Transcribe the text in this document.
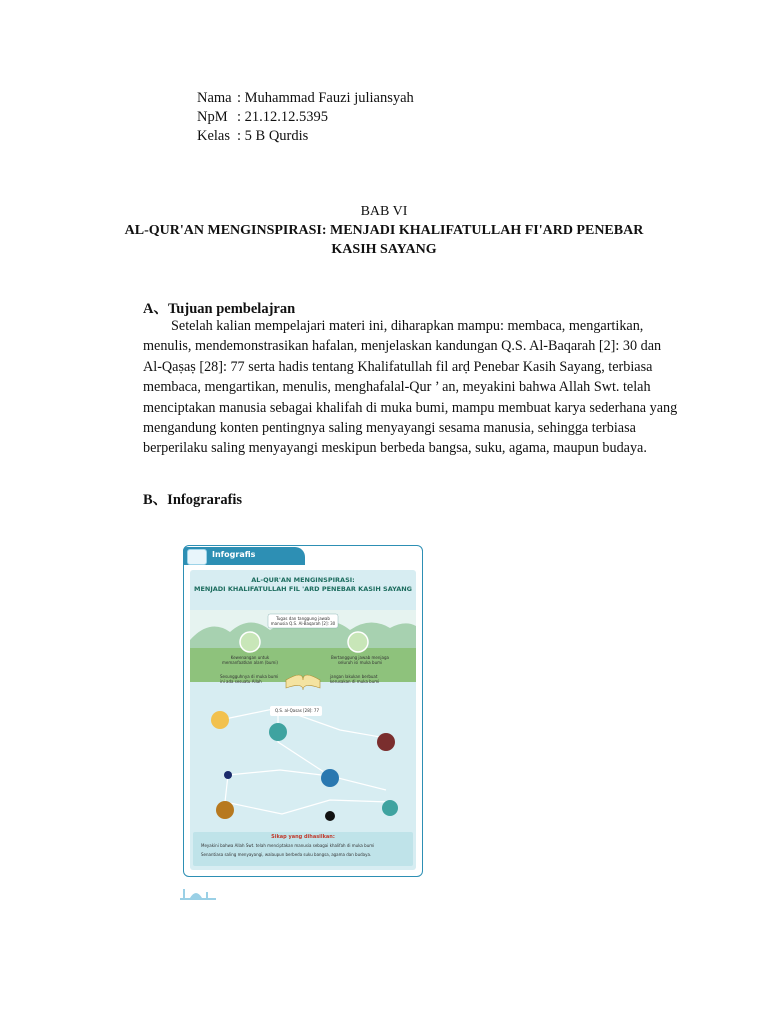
Nama : Muhammad Fauzi juliansyah
NpM : 21.12.12.5395
Kelas : 5 B Qurdis
BAB VI
AL-QUR'AN MENGINSPIRASI: MENJADI KHALIFATULLAH FI'ARD PENEBAR
KASIH SAYANG
A、Tujuan pembelajran
Setelah kalian mempelajari materi ini, diharapkan mampu: membaca, mengartikan,
menulis, mendemonstrasikan hafalan, menjelaskan kandungan Q.S. Al-Baqarah [2]: 30 dan
Al-Qaṣaṣ [28]: 77 serta hadis tentang Khalifatullah fil arḍ Penebar Kasih Sayang, terbiasa
membaca, mengartikan, menulis, menghafalal-Qur ’ an, meyakini bahwa Allah Swt. telah
menciptakan manusia sebagai khalifah di muka bumi, mampu membuat karya sederhana yang
mengandung konten pentingnya saling menyayangi sesama manusia, sehingga terbiasa
berperilaku saling menyayangi meskipun berbeda bangsa, suku, agama, maupun budaya.
B、Infograrafis
AL-QUR'AN MENGINSPIRASI:
MENJADI KHALIFATULLAH FIL 'ARD PENEBAR KASIH SAYANG
Tugas dan tanggung jawab manusia Q.S. Al-Baqarah [2]: 30
Kewenangan untuk memanfaatkan alam (bumi)
Bertanggung jawab menjaga seluruh isi muka bumi
Sesungguhnya di muka bumi ini ada sesuatu Allah
jangan lakukan berbuat kerusakan di muka bumi
Q.S. al-Qasas [28]: 77
Sikap yang dihasilkan:
Meyakini bahwa Allah Swt. telah menciptakan manusia sebagai khalifah di muka bumi
Senantiasa saling menyayangi, walaupun berbeda suku bangsa, agama dan budaya.
Infografis
